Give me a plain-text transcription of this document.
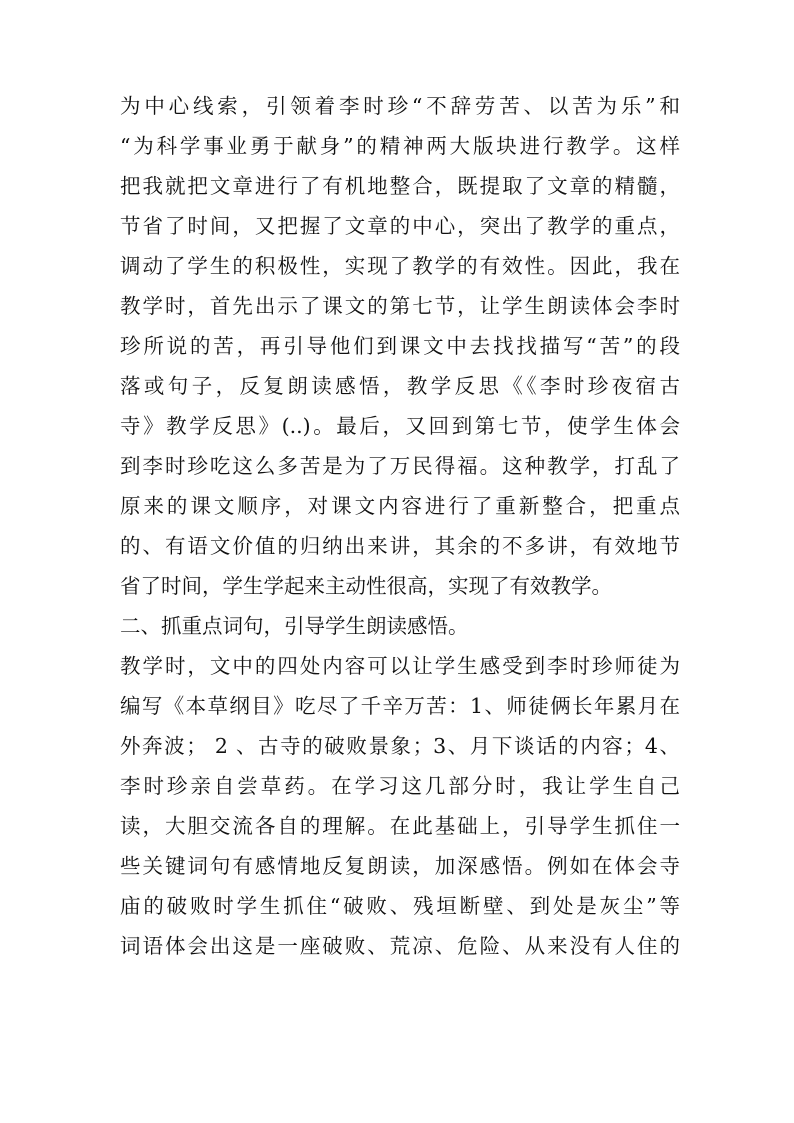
为中心线索，引领着李时珍“不辞劳苦、以苦为乐”和
“为科学事业勇于献身”的精神两大版块进行教学。这样
把我就把文章进行了有机地整合，既提取了文章的精髓，
节省了时间，又把握了文章的中心，突出了教学的重点，
调动了学生的积极性，实现了教学的有效性。因此，我在
教学时，首先出示了课文的第七节，让学生朗读体会李时
珍所说的苦，再引导他们到课文中去找找描写“苦”的段
落或句子，反复朗读感悟，教学反思《《李时珍夜宿古
寺》教学反思》(..)。最后，又回到第七节，使学生体会
到李时珍吃这么多苦是为了万民得福。这种教学，打乱了
原来的课文顺序，对课文内容进行了重新整合，把重点
的、有语文价值的归纳出来讲，其余的不多讲，有效地节
省了时间，学生学起来主动性很高，实现了有效教学。
二、抓重点词句，引导学生朗读感悟。
教学时，文中的四处内容可以让学生感受到李时珍师徒为
编写《本草纲目》吃尽了千辛万苦：1、师徒俩长年累月在
外奔波； 2 、古寺的破败景象；3、月下谈话的内容；4、
李时珍亲自尝草药。在学习这几部分时，我让学生自己
读，大胆交流各自的理解。在此基础上，引导学生抓住一
些关键词句有感情地反复朗读，加深感悟。例如在体会寺
庙的破败时学生抓住“破败、残垣断壁、到处是灰尘”等
词语体会出这是一座破败、荒凉、危险、从来没有人住的
